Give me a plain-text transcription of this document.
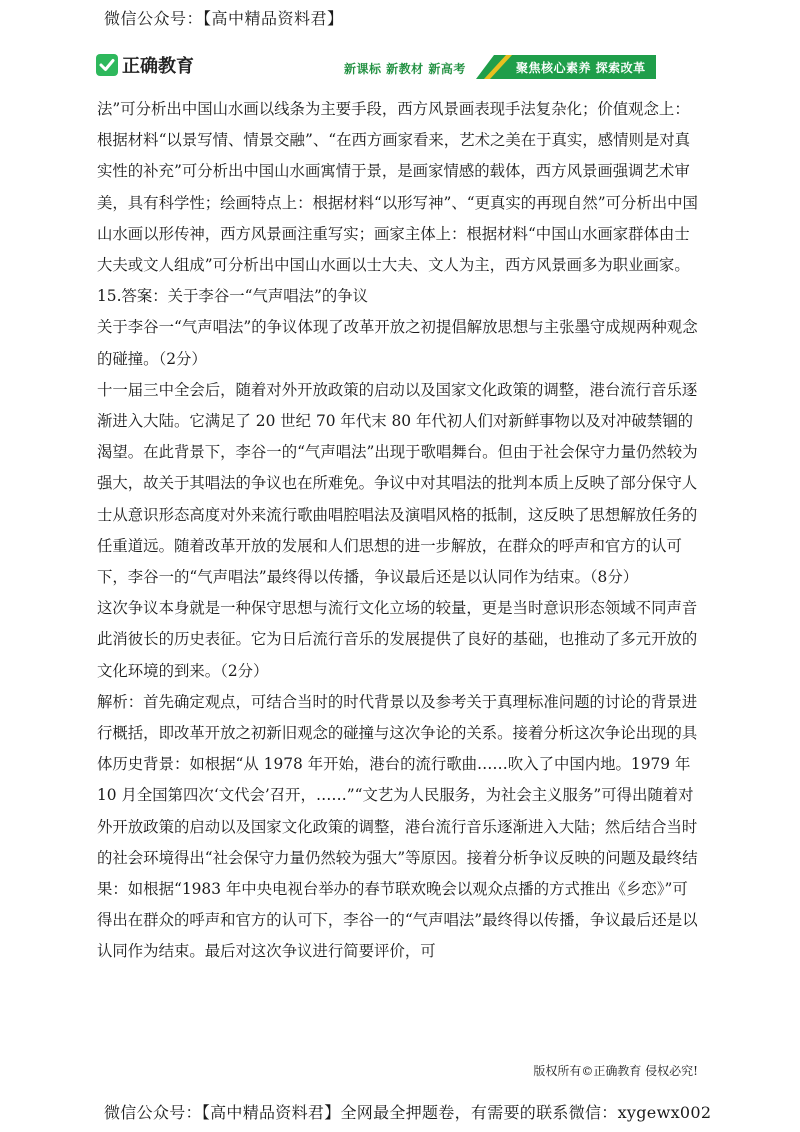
微信公众号：【高中精品资料君】
正确教育	新课标 新教材 新高考	聚焦核心素养 探索改革

法”可分析出中国山水画以线条为主要手段，西方风景画表现手法复杂化；价值观念上：根据材料“以景写情、情景交融”、“在西方画家看来，艺术之美在于真实，感情则是对真实性的补充”可分析出中国山水画寓情于景，是画家情感的载体，西方风景画强调艺术审美，具有科学性；绘画特点上：根据材料“以形写神”、“更真实的再现自然”可分析出中国山水画以形传神，西方风景画注重写实；画家主体上：根据材料“中国山水画家群体由士大夫或文人组成”可分析出中国山水画以士大夫、文人为主，西方风景画多为职业画家。

15.答案：关于李谷一“气声唱法”的争议

关于李谷一“气声唱法”的争议体现了改革开放之初提倡解放思想与主张墨守成规两种观念的碰撞。（2分）

十一届三中全会后，随着对外开放政策的启动以及国家文化政策的调整，港台流行音乐逐渐进入大陆。它满足了 20 世纪 70 年代末 80 年代初人们对新鲜事物以及对冲破禁锢的渴望。在此背景下，李谷一的“气声唱法”出现于歌唱舞台。但由于社会保守力量仍然较为强大，故关于其唱法的争议也在所难免。争议中对其唱法的批判本质上反映了部分保守人士从意识形态高度对外来流行歌曲唱腔唱法及演唱风格的抵制，这反映了思想解放任务的任重道远。随着改革开放的发展和人们思想的进一步解放，在群众的呼声和官方的认可下，李谷一的“气声唱法”最终得以传播，争议最后还是以认同作为结束。（8分）

这次争议本身就是一种保守思想与流行文化立场的较量，更是当时意识形态领域不同声音此消彼长的历史表征。它为日后流行音乐的发展提供了良好的基础，也推动了多元开放的文化环境的到来。（2分）

解析：首先确定观点，可结合当时的时代背景以及参考关于真理标准问题的讨论的背景进行概括，即改革开放之初新旧观念的碰撞与这次争论的关系。接着分析这次争论出现的具体历史背景：如根据“从 1978 年开始，港台的流行歌曲……吹入了中国内地。1979 年 10 月全国第四次‘文代会’召开，……”“文艺为人民服务，为社会主义服务”可得出随着对外开放政策的启动以及国家文化政策的调整，港台流行音乐逐渐进入大陆；然后结合当时的社会环境得出“社会保守力量仍然较为强大”等原因。接着分析争议反映的问题及最终结果：如根据“1983 年中央电视台举办的春节联欢晚会以观众点播的方式推出《乡恋》”可得出在群众的呼声和官方的认可下，李谷一的“气声唱法”最终得以传播，争议最后还是以认同作为结束。最后对这次争议进行简要评价，可

版权所有©正确教育 侵权必究!
微信公众号：【高中精品资料君】全网最全押题卷，有需要的联系微信：xygewx002
